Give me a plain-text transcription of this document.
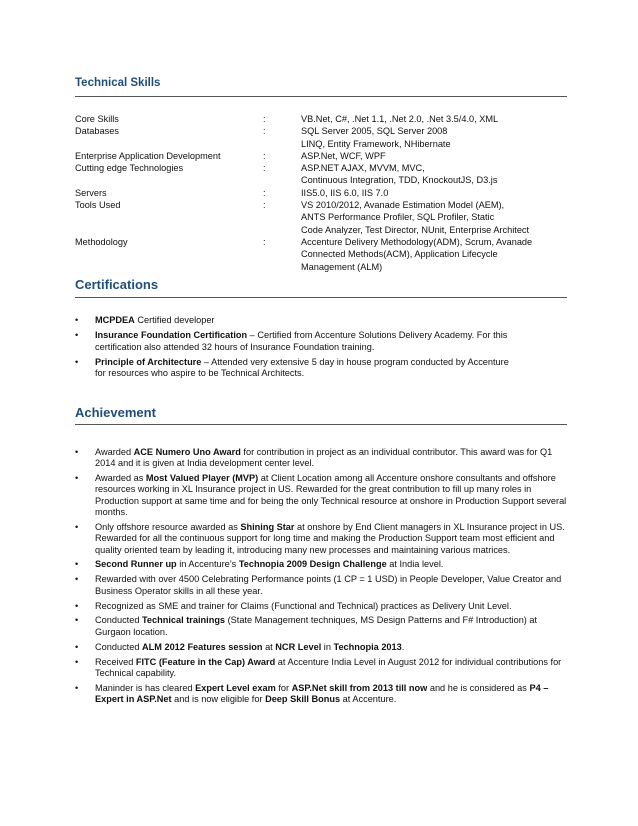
Technical Skills
Core Skills	:	VB.Net, C#, .Net 1.1, .Net 2.0, .Net 3.5/4.0, XML
Databases	:	SQL Server 2005, SQL Server 2008
LINQ, Entity Framework, NHibernate
Enterprise Application Development	:	ASP.Net, WCF, WPF
Cutting edge Technologies	:	ASP.NET AJAX, MVVM, MVC,
Continuous Integration, TDD, KnockoutJS, D3.js
Servers	:	IIS5.0, IIS 6.0, IIS 7.0
Tools Used	:	VS 2010/2012, Avanade Estimation Model (AEM),
ANTS Performance Profiler, SQL Profiler, Static
Code Analyzer, Test Director, NUnit, Enterprise Architect
Methodology	:	Accenture Delivery Methodology(ADM), Scrum, Avanade
Connected Methods(ACM), Application Lifecycle
Management (ALM)
Certifications
• MCPDEA Certified developer
• Insurance Foundation Certification – Certified from Accenture Solutions Delivery Academy. For this
certification also attended 32 hours of Insurance Foundation training.
• Principle of Architecture – Attended very extensive 5 day in house program conducted by Accenture
for resources who aspire to be Technical Architects.
Achievement
• Awarded ACE Numero Uno Award for contribution in project as an individual contributor. This award was for Q1 2014 and it is given at India development center level.
• Awarded as Most Valued Player (MVP) at Client Location among all Accenture onshore consultants and offshore resources working in XL Insurance project in US. Rewarded for the great contribution to fill up many roles in Production support at same time and for being the only Technical resource at onshore in Production Support several months.
• Only offshore resource awarded as Shining Star at onshore by End Client managers in XL Insurance project in US. Rewarded for all the continuous support for long time and making the Production Support team most efficient and quality oriented team by leading it, introducing many new processes and maintaining various matrices.
• Second Runner up in Accenture’s Technopia 2009 Design Challenge at India level.
• Rewarded with over 4500 Celebrating Performance points (1 CP = 1 USD) in People Developer, Value Creator and Business Operator skills in all these year.
• Recognized as SME and trainer for Claims (Functional and Technical) practices as Delivery Unit Level.
• Conducted Technical trainings (State Management techniques, MS Design Patterns and F# Introduction) at Gurgaon location.
• Conducted ALM 2012 Features session at NCR Level in Technopia 2013.
• Received FITC (Feature in the Cap) Award at Accenture India Level in August 2012 for individual contributions for Technical capability.
• Maninder is has cleared Expert Level exam for ASP.Net skill from 2013 till now and he is considered as P4 – Expert in ASP.Net and is now eligible for Deep Skill Bonus at Accenture.
